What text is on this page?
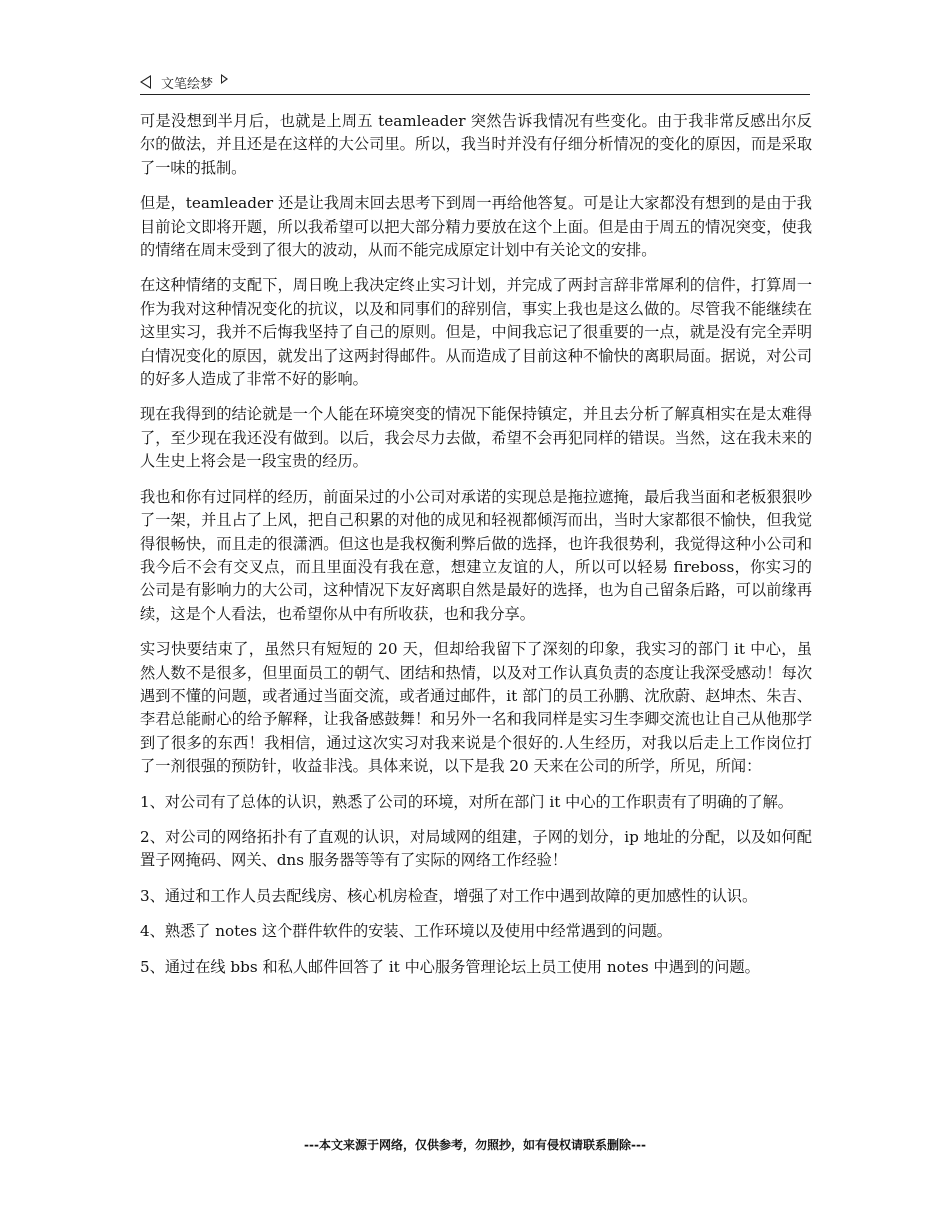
文笔绘梦

可是没想到半月后，也就是上周五 teamleader 突然告诉我情况有些变化。由于我非常反感出尔反尔的做法，并且还是在这样的大公司里。所以，我当时并没有仔细分析情况的变化的原因，而是采取了一味的抵制。

但是，teamleader 还是让我周末回去思考下到周一再给他答复。可是让大家都没有想到的是由于我目前论文即将开题，所以我希望可以把大部分精力要放在这个上面。但是由于周五的情况突变，使我的情绪在周末受到了很大的波动，从而不能完成原定计划中有关论文的安排。

在这种情绪的支配下，周日晚上我决定终止实习计划，并完成了两封言辞非常犀利的信件，打算周一作为我对这种情况变化的抗议，以及和同事们的辞别信，事实上我也是这么做的。尽管我不能继续在这里实习，我并不后悔我坚持了自己的原则。但是，中间我忘记了很重要的一点，就是没有完全弄明白情况变化的原因，就发出了这两封得邮件。从而造成了目前这种不愉快的离职局面。据说，对公司的好多人造成了非常不好的影响。

现在我得到的结论就是一个人能在环境突变的情况下能保持镇定，并且去分析了解真相实在是太难得了，至少现在我还没有做到。以后，我会尽力去做，希望不会再犯同样的错误。当然，这在我未来的人生史上将会是一段宝贵的经历。

我也和你有过同样的经历，前面呆过的小公司对承诺的实现总是拖拉遮掩，最后我当面和老板狠狠吵了一架，并且占了上风，把自己积累的对他的成见和轻视都倾泻而出，当时大家都很不愉快，但我觉得很畅快，而且走的很潇洒。但这也是我权衡利弊后做的选择，也许我很势利，我觉得这种小公司和我今后不会有交叉点，而且里面没有我在意，想建立友谊的人，所以可以轻易 fireboss，你实习的公司是有影响力的大公司，这种情况下友好离职自然是最好的选择，也为自己留条后路，可以前缘再续，这是个人看法，也希望你从中有所收获，也和我分享。

实习快要结束了，虽然只有短短的 20 天，但却给我留下了深刻的印象，我实习的部门 it 中心，虽然人数不是很多，但里面员工的朝气、团结和热情，以及对工作认真负责的态度让我深受感动！每次遇到不懂的问题，或者通过当面交流，或者通过邮件，it 部门的员工孙鹏、沈欣蔚、赵坤杰、朱吉、李君总能耐心的给予解释，让我备感鼓舞！和另外一名和我同样是实习生李卿交流也让自己从他那学到了很多的东西！我相信，通过这次实习对我来说是个很好的.人生经历，对我以后走上工作岗位打了一剂很强的预防针，收益非浅。具体来说，以下是我 20 天来在公司的所学，所见，所闻：

1、对公司有了总体的认识，熟悉了公司的环境，对所在部门 it 中心的工作职责有了明确的了解。

2、对公司的网络拓扑有了直观的认识，对局域网的组建，子网的划分，ip 地址的分配，以及如何配置子网掩码、网关、dns 服务器等等有了实际的网络工作经验！

3、通过和工作人员去配线房、核心机房检查，增强了对工作中遇到故障的更加感性的认识。

4、熟悉了 notes 这个群件软件的安装、工作环境以及使用中经常遇到的问题。

5、通过在线 bbs 和私人邮件回答了 it 中心服务管理论坛上员工使用 notes 中遇到的问题。

---本文来源于网络，仅供参考，勿照抄，如有侵权请联系删除---
